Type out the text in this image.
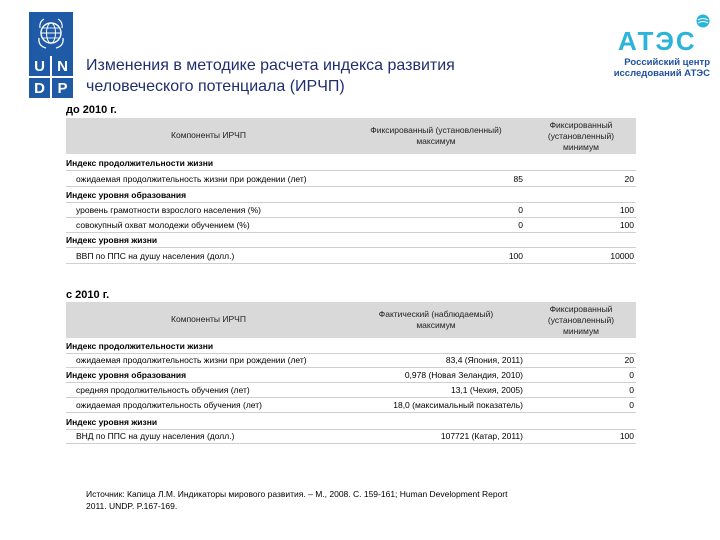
U N
D P
Изменения в методике расчета индекса развития
человеческого потенциала (ИРЧП)
АТЭС
Российский центр
исследований АТЭС
до 2010 г.
Компоненты ИРЧП	Фиксированный (установленный)
максимум
Фиксированный
(установленный)
минимум
Индекс продолжительности жизни
ожидаемая продолжительность жизни при рождении (лет)	85	20
Индекс уровня образования
уровень грамотности взрослого населения (%)	0	100
совокупный охват молодежи обучением (%)	0	100
Индекс уровня жизни
ВВП по ППС на душу населения (долл.)	100	10000
с 2010 г.
Компоненты ИРЧП	Фактический (наблюдаемый)
максимум
Фиксированный
(установленный)
минимум
Индекс продолжительности жизни
ожидаемая продолжительность жизни при рождении (лет)	83,4 (Япония, 2011)	20
Индекс уровня образования	0,978 (Новая Зеландия, 2010)	0
средняя продолжительность обучения (лет)	13,1 (Чехия, 2005)	0
ожидаемая продолжительность обучения (лет)	18,0 (максимальный показатель)	0
Индекс уровня жизни
ВНД по ППС на душу населения (долл.)	107721 (Катар, 2011)	100
Источник: Капица Л.М. Индикаторы мирового развития. – М., 2008. С. 159-161; Human Development Report
2011. UNDP. P.167-169.
